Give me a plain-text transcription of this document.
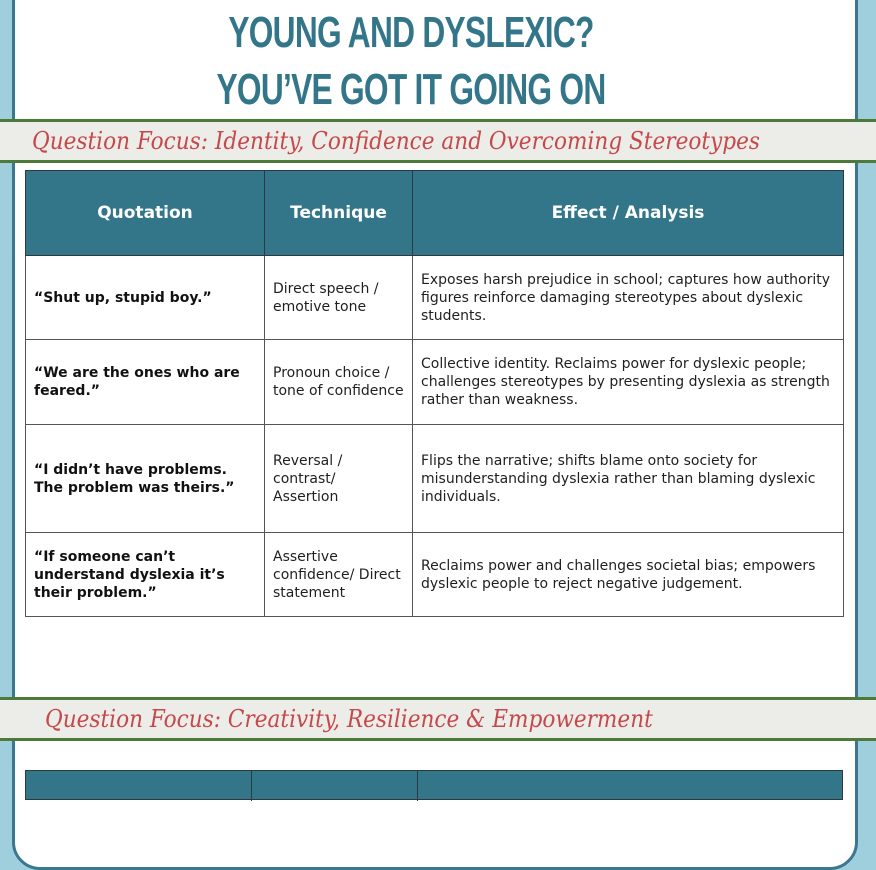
YOUNG AND DYSLEXIC?
YOU’VE GOT IT GOING ON
Question Focus: Identity, Confidence and Overcoming Stereotypes
Quotation	Technique	Effect / Analysis
“Shut up, stupid boy.”	Direct speech / emotive tone	Exposes harsh prejudice in school; captures how authority figures reinforce damaging stereotypes about dyslexic students.
“We are the ones who are feared.”	Pronoun choice / tone of confidence	Collective identity. Reclaims power for dyslexic people; challenges stereotypes by presenting dyslexia as strength rather than weakness.
“I didn’t have problems. The problem was theirs.”	Reversal / contrast/ Assertion	Flips the narrative; shifts blame onto society for misunderstanding dyslexia rather than blaming dyslexic individuals.
“If someone can’t understand dyslexia it’s their problem.”	Assertive confidence/ Direct statement	Reclaims power and challenges societal bias; empowers dyslexic people to reject negative judgement.
Question Focus: Creativity, Resilience & Empowerment
